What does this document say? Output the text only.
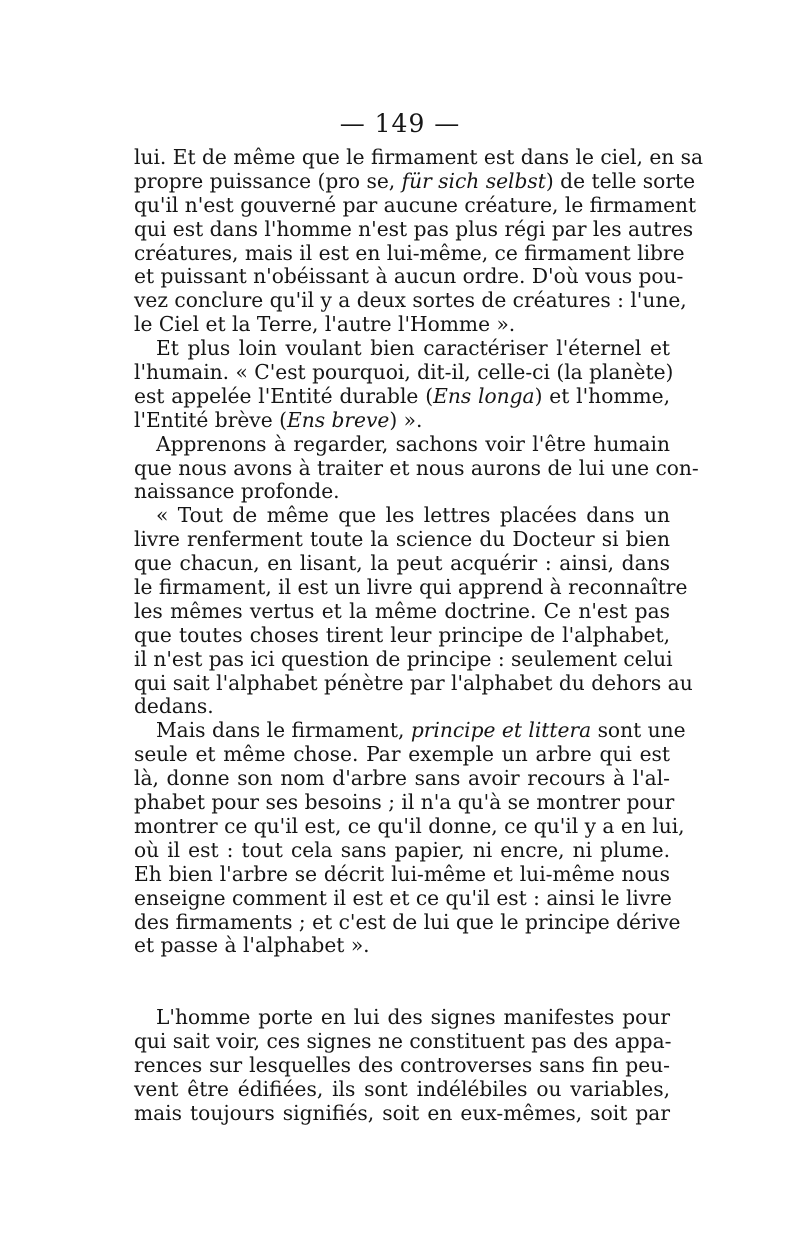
— 149 —
lui. Et de même que le firmament est dans le ciel, en sa
propre puissance (pro se, für sich selbst) de telle sorte
qu'il n'est gouverné par aucune créature, le firmament
qui est dans l'homme n'est pas plus régi par les autres
créatures, mais il est en lui-même, ce firmament libre
et puissant n'obéissant à aucun ordre. D'où vous pou-
vez conclure qu'il y a deux sortes de créatures : l'une,
le Ciel et la Terre, l'autre l'Homme ».
Et plus loin voulant bien caractériser l'éternel et
l'humain. « C'est pourquoi, dit-il, celle-ci (la planète)
est appelée l'Entité durable (Ens longa) et l'homme,
l'Entité brève (Ens breve) ».
Apprenons à regarder, sachons voir l'être humain
que nous avons à traiter et nous aurons de lui une con-
naissance profonde.
« Tout de même que les lettres placées dans un
livre renferment toute la science du Docteur si bien
que chacun, en lisant, la peut acquérir : ainsi, dans
le firmament, il est un livre qui apprend à reconnaître
les mêmes vertus et la même doctrine. Ce n'est pas
que toutes choses tirent leur principe de l'alphabet,
il n'est pas ici question de principe : seulement celui
qui sait l'alphabet pénètre par l'alphabet du dehors au
dedans.
Mais dans le firmament, principe et littera sont une
seule et même chose. Par exemple un arbre qui est
là, donne son nom d'arbre sans avoir recours à l'al-
phabet pour ses besoins ; il n'a qu'à se montrer pour
montrer ce qu'il est, ce qu'il donne, ce qu'il y a en lui,
où il est : tout cela sans papier, ni encre, ni plume.
Eh bien l'arbre se décrit lui-même et lui-même nous
enseigne comment il est et ce qu'il est : ainsi le livre
des firmaments ; et c'est de lui que le principe dérive
et passe à l'alphabet ».
L'homme porte en lui des signes manifestes pour
qui sait voir, ces signes ne constituent pas des appa-
rences sur lesquelles des controverses sans fin peu-
vent être édifiées, ils sont indélébiles ou variables,
mais toujours signifiés, soit en eux-mêmes, soit par
